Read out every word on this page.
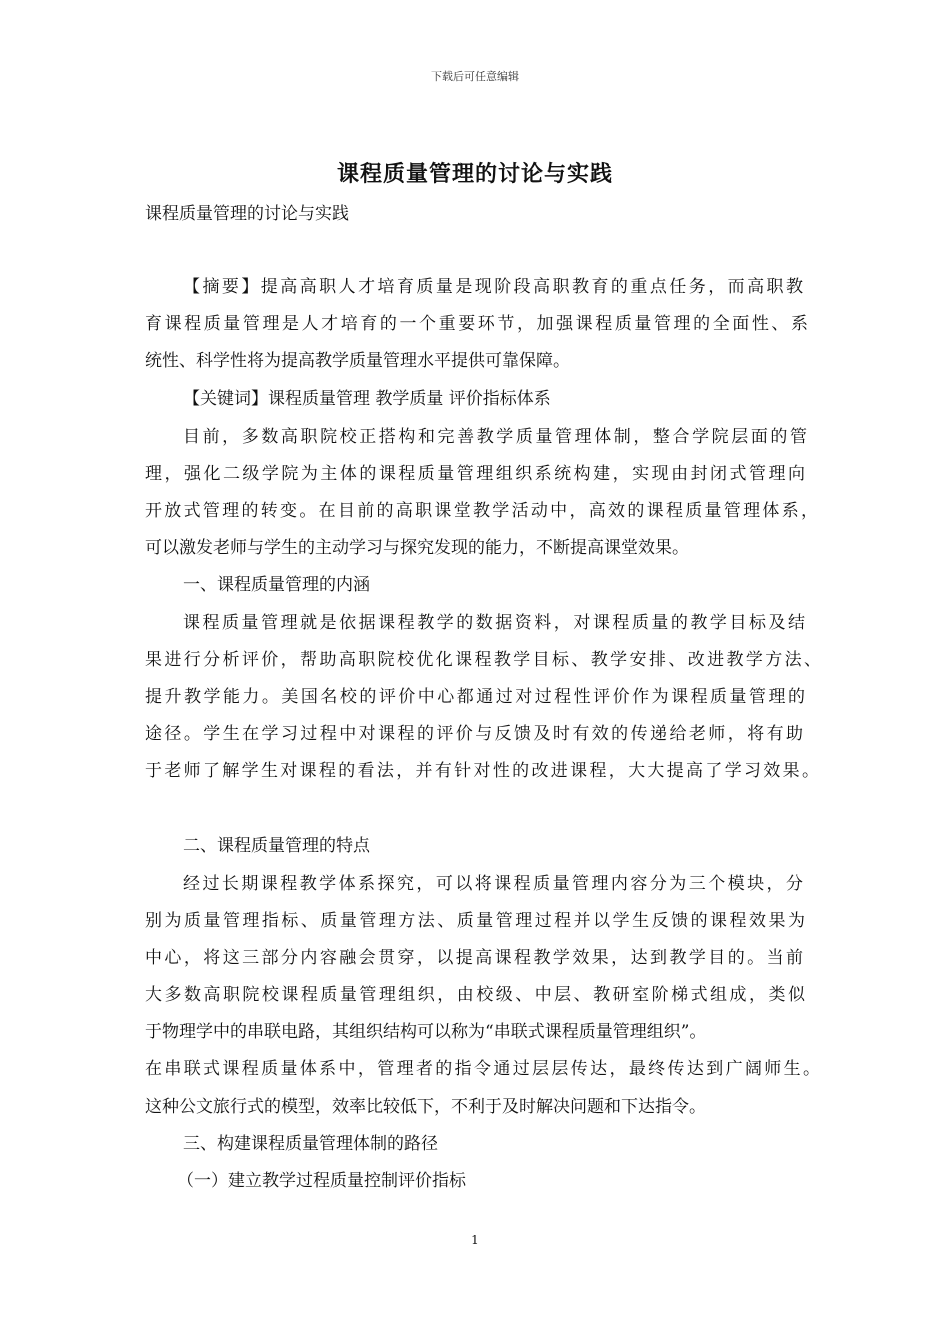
下载后可任意编辑
课程质量管理的讨论与实践
课程质量管理的讨论与实践
【摘要】提高高职人才培育质量是现阶段高职教育的重点任务，而高职教
育课程质量管理是人才培育的一个重要环节，加强课程质量管理的全面性、系
统性、科学性将为提高教学质量管理水平提供可靠保障。
【关键词】课程质量管理 教学质量 评价指标体系
目前，多数高职院校正搭构和完善教学质量管理体制，整合学院层面的管
理，强化二级学院为主体的课程质量管理组织系统构建，实现由封闭式管理向
开放式管理的转变。在目前的高职课堂教学活动中，高效的课程质量管理体系，
可以激发老师与学生的主动学习与探究发现的能力，不断提高课堂效果。
一、课程质量管理的内涵
课程质量管理就是依据课程教学的数据资料，对课程质量的教学目标及结
果进行分析评价，帮助高职院校优化课程教学目标、教学安排、改进教学方法、
提升教学能力。美国名校的评价中心都通过对过程性评价作为课程质量管理的
途径。学生在学习过程中对课程的评价与反馈及时有效的传递给老师，将有助
于老师了解学生对课程的看法，并有针对性的改进课程，大大提高了学习效果。
二、课程质量管理的特点
经过长期课程教学体系探究，可以将课程质量管理内容分为三个模块，分
别为质量管理指标、质量管理方法、质量管理过程并以学生反馈的课程效果为
中心，将这三部分内容融会贯穿，以提高课程教学效果，达到教学目的。当前
大多数高职院校课程质量管理组织，由校级、中层、教研室阶梯式组成，类似
于物理学中的串联电路，其组织结构可以称为“串联式课程质量管理组织”。
在串联式课程质量体系中，管理者的指令通过层层传达，最终传达到广阔师生。
这种公文旅行式的模型，效率比较低下，不利于及时解决问题和下达指令。
三、构建课程质量管理体制的路径
（一）建立教学过程质量控制评价指标
1
